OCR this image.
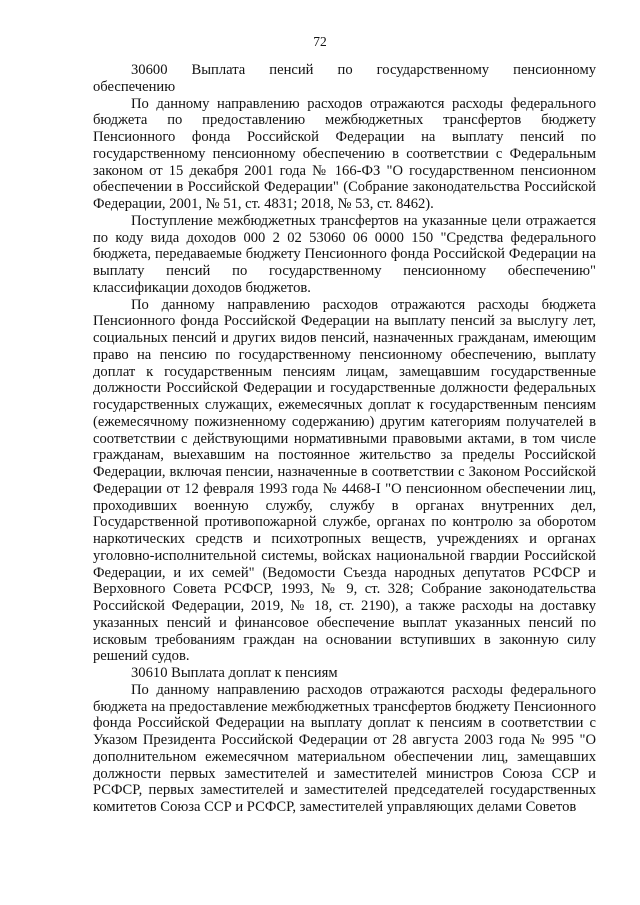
72
30600 Выплата пенсий по государственному пенсионному
обеспечению

По данному направлению расходов отражаются расходы федерального бюджета по предоставлению межбюджетных трансфертов бюджету Пенсионного фонда Российской Федерации на выплату пенсий по государственному пенсионному обеспечению в соответствии с Федеральным законом от 15 декабря 2001 года № 166-ФЗ "О государственном пенсионном обеспечении в Российской Федерации" (Собрание законодательства Российской Федерации, 2001, № 51, ст. 4831; 2018, № 53, ст. 8462).

Поступление межбюджетных трансфертов на указанные цели отражается по коду вида доходов 000 2 02 53060 06 0000 150 "Средства федерального бюджета, передаваемые бюджету Пенсионного фонда Российской Федерации на выплату пенсий по государственному пенсионному обеспечению" классификации доходов бюджетов.

По данному направлению расходов отражаются расходы бюджета Пенсионного фонда Российской Федерации на выплату пенсий за выслугу лет, социальных пенсий и других видов пенсий, назначенных гражданам, имеющим право на пенсию по государственному пенсионному обеспечению, выплату доплат к государственным пенсиям лицам, замещавшим государственные должности Российской Федерации и государственные должности федеральных государственных служащих, ежемесячных доплат к государственным пенсиям (ежемесячному пожизненному содержанию) другим категориям получателей в соответствии с действующими нормативными правовыми актами, в том числе гражданам, выехавшим на постоянное жительство за пределы Российской Федерации, включая пенсии, назначенные в соответствии с Законом Российской Федерации от 12 февраля 1993 года № 4468-I "О пенсионном обеспечении лиц, проходивших военную службу, службу в органах внутренних дел, Государственной противопожарной службе, органах по контролю за оборотом наркотических средств и психотропных веществ, учреждениях и органах уголовно-исполнительной системы, войсках национальной гвардии Российской Федерации, и их семей" (Ведомости Съезда народных депутатов РСФСР и Верховного Совета РСФСР, 1993, № 9, ст. 328; Собрание законодательства Российской Федерации, 2019, № 18, ст. 2190), а также расходы на доставку указанных пенсий и финансовое обеспечение выплат указанных пенсий по исковым требованиям граждан на основании вступивших в законную силу решений судов.

30610 Выплата доплат к пенсиям

По данному направлению расходов отражаются расходы федерального бюджета на предоставление межбюджетных трансфертов бюджету Пенсионного фонда Российской Федерации на выплату доплат к пенсиям в соответствии с Указом Президента Российской Федерации от 28 августа 2003 года № 995 "О дополнительном ежемесячном материальном обеспечении лиц, замещавших должности первых заместителей и заместителей министров Союза ССР и РСФСР, первых заместителей и заместителей председателей государственных комитетов Союза ССР и РСФСР, заместителей управляющих делами Советов
